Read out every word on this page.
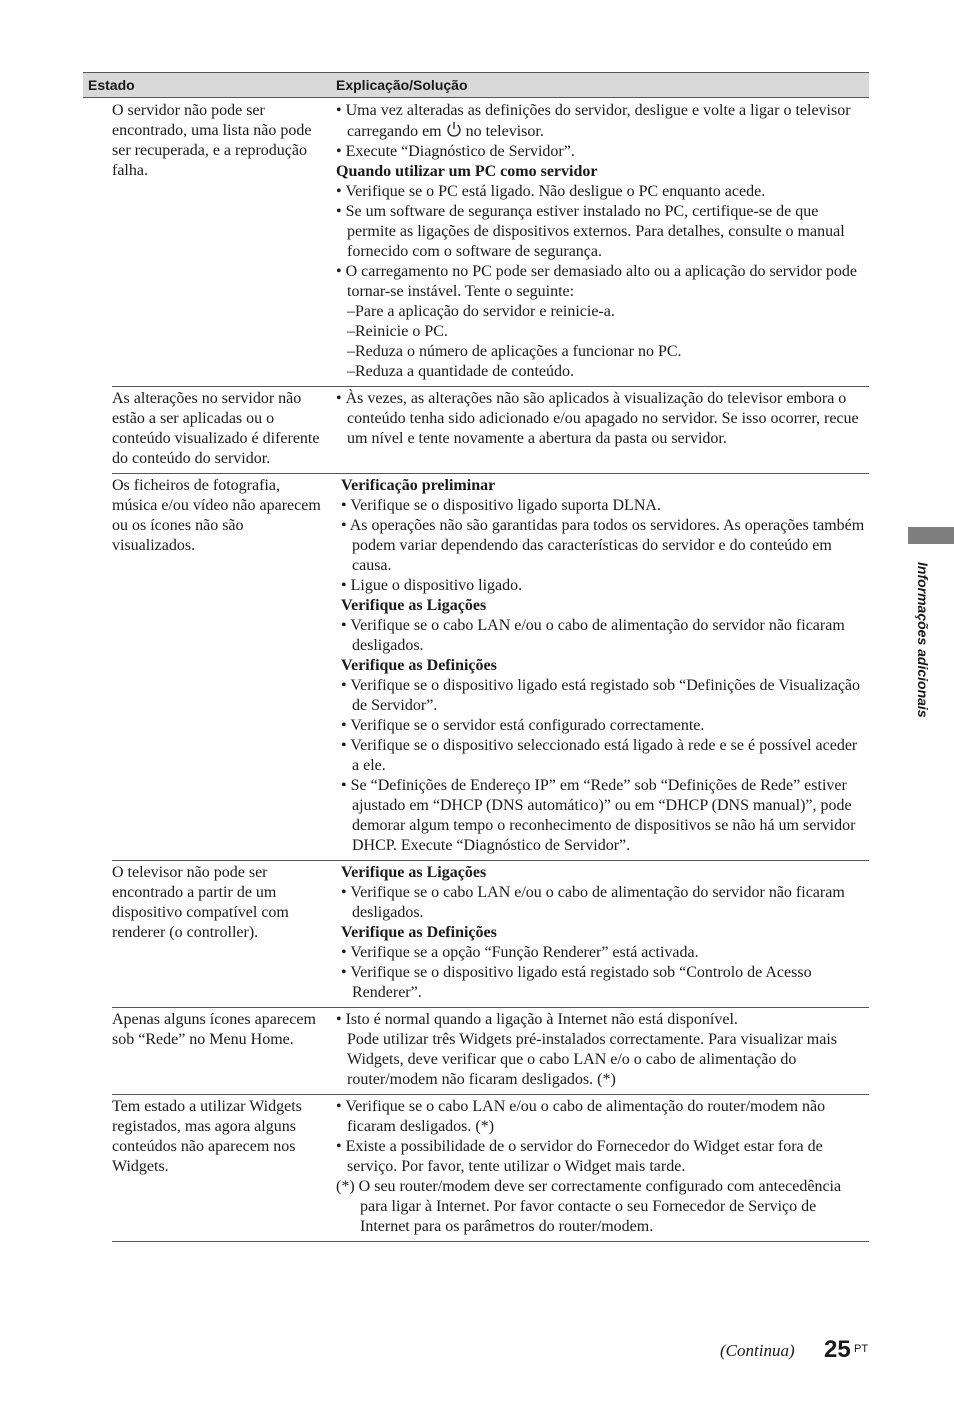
Estado	Explicação/Solução
O servidor não pode ser encontrado, uma lista não pode ser recuperada, e a reprodução falha.
• Uma vez alteradas as definições do servidor, desligue e volte a ligar o televisor carregando em
no televisor.
• Execute “Diagnóstico de Servidor”.
Quando utilizar um PC como servidor
• Verifique se o PC está ligado. Não desligue o PC enquanto acede.
• Se um software de segurança estiver instalado no PC, certifique-se de que permite as ligações de dispositivos externos. Para detalhes, consulte o manual fornecido com o software de segurança.
• O carregamento no PC pode ser demasiado alto ou a aplicação do servidor pode tornar-se instável. Tente o seguinte:
–Pare a aplicação do servidor e reinicie-a.
–Reinicie o PC.
–Reduza o número de aplicações a funcionar no PC.
–Reduza a quantidade de conteúdo.
As alterações no servidor não estão a ser aplicadas ou o conteúdo visualizado é diferente do conteúdo do servidor.
• Às vezes, as alterações não são aplicados à visualização do televisor embora o conteúdo tenha sido adicionado e/ou apagado no servidor. Se isso ocorrer, recue um nível e tente novamente a abertura da pasta ou servidor.
Os ficheiros de fotografia, música e/ou vídeo não aparecem ou os ícones não são visualizados.
Verificação preliminar
• Verifique se o dispositivo ligado suporta DLNA.
• As operações não são garantidas para todos os servidores. As operações também podem variar dependendo das características do servidor e do conteúdo em causa.
• Ligue o dispositivo ligado.
Verifique as Ligações
• Verifique se o cabo LAN e/ou o cabo de alimentação do servidor não ficaram desligados.
Verifique as Definições
• Verifique se o dispositivo ligado está registado sob “Definições de Visualização de Servidor”.
• Verifique se o servidor está configurado correctamente.
• Verifique se o dispositivo seleccionado está ligado à rede e se é possível aceder a ele.
• Se “Definições de Endereço IP” em “Rede” sob “Definições de Rede” estiver ajustado em “DHCP (DNS automático)” ou em “DHCP (DNS manual)”, pode demorar algum tempo o reconhecimento de dispositivos se não há um servidor DHCP. Execute “Diagnóstico de Servidor”.
O televisor não pode ser encontrado a partir de um dispositivo compatível com renderer (o controller).
Verifique as Ligações
• Verifique se o cabo LAN e/ou o cabo de alimentação do servidor não ficaram desligados.
Verifique as Definições
• Verifique se a opção “Função Renderer” está activada.
• Verifique se o dispositivo ligado está registado sob “Controlo de Acesso Renderer”.
Apenas alguns ícones aparecem sob “Rede” no Menu Home.
• Isto é normal quando a ligação à Internet não está disponível.
Pode utilizar três Widgets pré-instalados correctamente. Para visualizar mais Widgets, deve verificar que o cabo LAN e/o o cabo de alimentação do router/modem não ficaram desligados. (*)
Tem estado a utilizar Widgets registados, mas agora alguns conteúdos não aparecem nos Widgets.
• Verifique se o cabo LAN e/ou o cabo de alimentação do router/modem não ficaram desligados. (*)
• Existe a possibilidade de o servidor do Fornecedor do Widget estar fora de serviço. Por favor, tente utilizar o Widget mais tarde.
(*) O seu router/modem deve ser correctamente configurado com antecedência para ligar à Internet. Por favor contacte o seu Fornecedor de Serviço de Internet para os parâmetros do router/modem.
Informações adicionais
(Continua) 25 PT
